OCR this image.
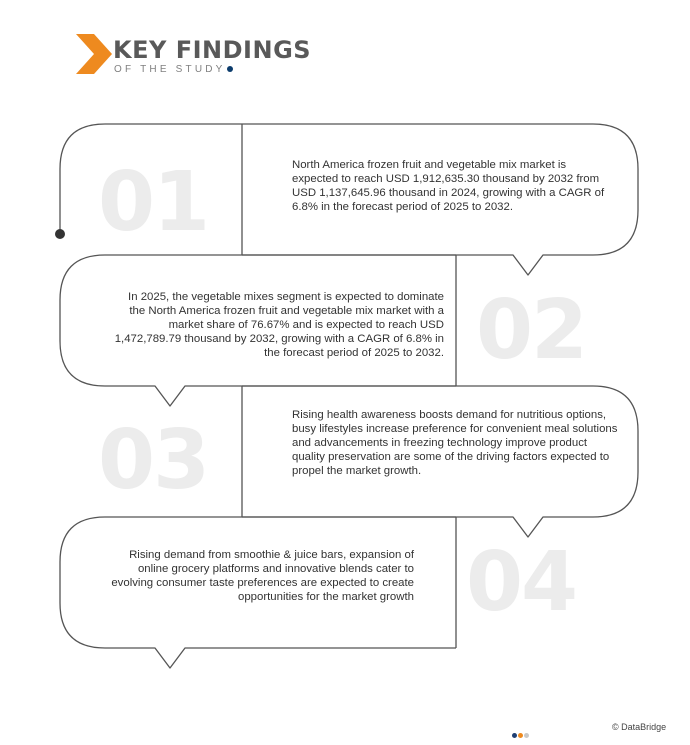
KEY FINDINGS
OF THE STUDY
01	North America frozen fruit and vegetable mix market is expected to reach USD 1,912,635.30 thousand by 2032 from USD 1,137,645.96 thousand in 2024, growing with a CAGR of 6.8% in the forecast period of 2025 to 2032.

02

In 2025, the vegetable mixes segment is expected to dominate the North America frozen fruit and vegetable mix market with a market share of 76.67% and is expected to reach USD 1,472,789.79 thousand by 2032, growing with a CAGR of 6.8% in the forecast period of 2025 to 2032.

03	Rising health awareness boosts demand for nutritious options, busy lifestyles increase preference for convenient meal solutions and advancements in freezing technology improve product quality preservation are some of the driving factors expected to propel the market growth.

04

Rising demand from smoothie & juice bars, expansion of online grocery platforms and innovative blends cater to evolving consumer taste preferences are expected to create opportunities for the market growth

© DataBridge
